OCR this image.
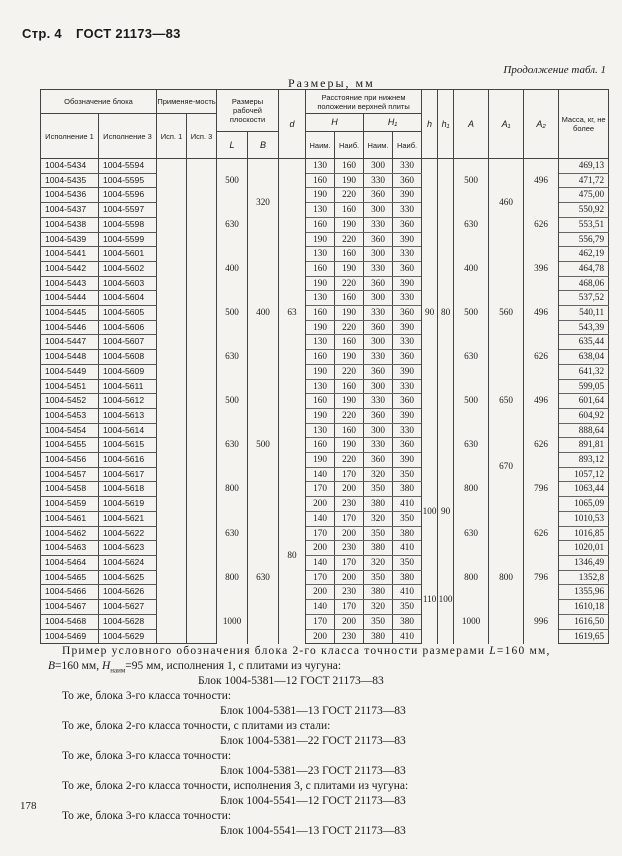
Стр. 4 ГОСТ 21173—83
Продолжение табл. 1
Размеры, мм
Обозначение блока		Применяе-мость		Размеры рабочей плоскости		d	Расстояние при нижнем положении верхней плиты				h	h₁	A	A₁	A₂	Масса, кг, не более
Исполнение 1	Исполнение 3	Исп. 1	Исп. 3				H		H₁							
				L	B		Наим.	Наиб.	Наим.	Наиб.						
1004-5434	1004-5594			500	320	63	130	160	300	330	90	80	500	460	496	469,13
1004-5435	1004-5595						160	190	330	360						471,72
1004-5436	1004-5596						190	220	360	390						475,00
1004-5437	1004-5597			630			130	160	300	330			630		626	550,92
1004-5438	1004-5598						160	190	330	360						553,51
1004-5439	1004-5599						190	220	360	390						556,79
1004-5441	1004-5601			400	400		130	160	300	330			400	560	396	462,19
1004-5442	1004-5602						160	190	330	360						464,78
1004-5443	1004-5603						190	220	360	390						468,06
1004-5444	1004-5604			500			130	160	300	330			500		496	537,52
1004-5445	1004-5605						160	190	330	360						540,11
1004-5446	1004-5606						190	220	360	390						543,39
1004-5447	1004-5607			630			130	160	300	330			630		626	635,44
1004-5448	1004-5608						160	190	330	360						638,04
1004-5449	1004-5609						190	220	360	390						641,32
1004-5451	1004-5611			500	500		130	160	300	330			500	650	496	599,05
1004-5452	1004-5612						160	190	330	360						601,64
1004-5453	1004-5613						190	220	360	390						604,92
1004-5454	1004-5614			630			130	160	300	330			630	670	626	888,64
1004-5455	1004-5615						160	190	330	360						891,81
1004-5456	1004-5616						190	220	360	390						893,12
1004-5457	1004-5617			800		80	140	170	320	350	100	90	800		796	1057,12
1004-5458	1004-5618						170	200	350	380						1063,44
1004-5459	1004-5619						200	230	380	410						1065,09
1004-5461	1004-5621			630	630		140	170	320	350			630	800	626	1010,53
1004-5462	1004-5622						170	200	350	380						1016,85
1004-5463	1004-5623						200	230	380	410						1020,01
1004-5464	1004-5624			800			140	170	320	350	110	100	800		796	1346,49
1004-5465	1004-5625						170	200	350	380						1352,8
1004-5466	1004-5626						200	230	380	410						1355,96
1004-5467	1004-5627			1000			140	170	320	350			1000		996	1610,18
1004-5468	1004-5628						170	200	350	380						1616,50
1004-5469	1004-5629						200	230	380	410						1619,65
Пример условного обозначения блока 2-го класса точности размерами L=160 мм,
B=160 мм, $H_{наим}=95$ мм, исполнения 1, с плитами из чугуна:
Блок 1004-5381—12 ГОСТ 21173—83
То же, блока 3-го класса точности:
Блок 1004-5381—13 ГОСТ 21173—83
То же, блока 2-го класса точности, с плитами из стали:
Блок 1004-5381—22 ГОСТ 21173—83
То же, блока 3-го класса точности:
Блок 1004-5381—23 ГОСТ 21173—83
То же, блока 2-го класса точности, исполнения 3, с плитами из чугуна:
Блок 1004-5541—12 ГОСТ 21173—83
То же, блока 3-го класса точности:
Блок 1004-5541—13 ГОСТ 21173—83
178
